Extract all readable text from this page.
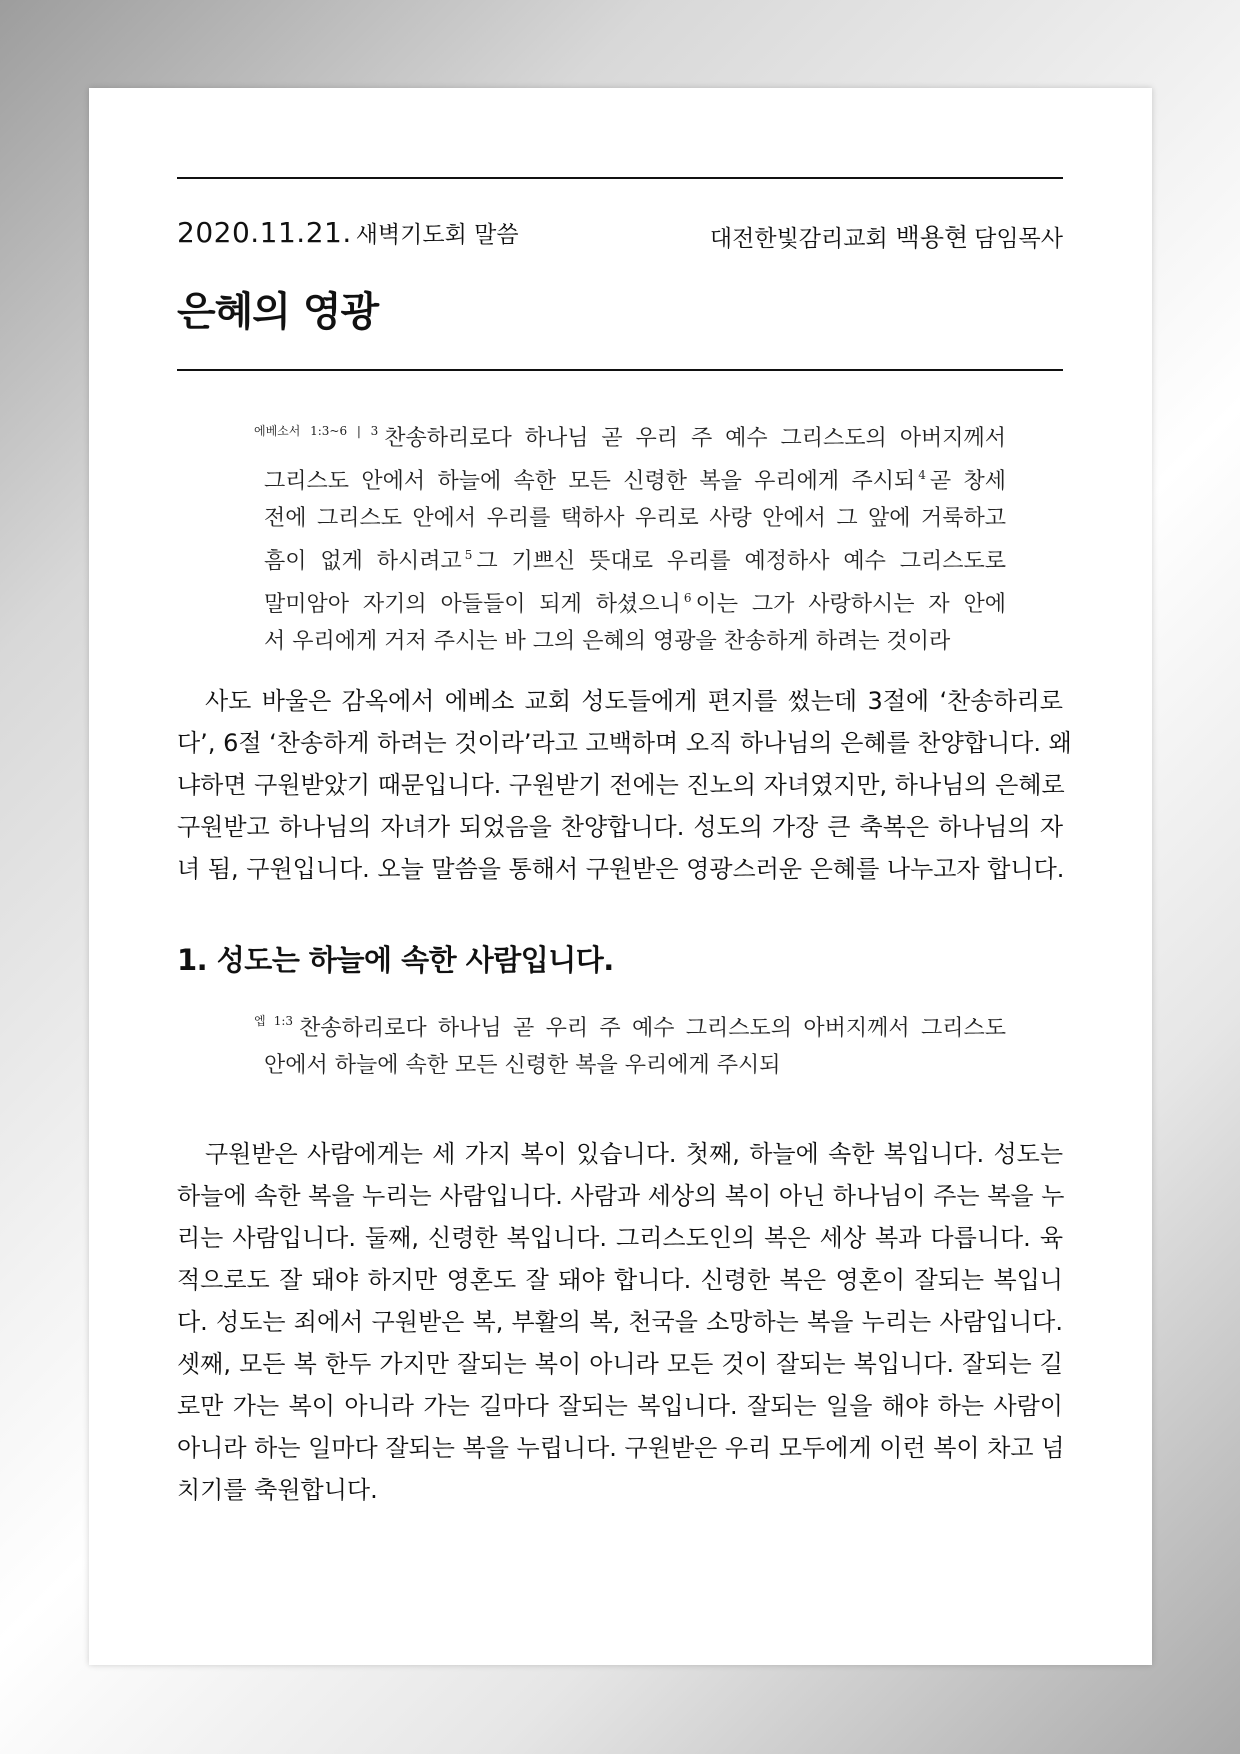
2020.11.21. 새벽기도회 말씀	대전한빛감리교회 백용현 담임목사
은혜의 영광
$^{에베소서 1:3\sim 6 | 3}$ 찬송하리로다 하나님 곧 우리 주 예수 그리스도의 아버지께서
그리스도 안에서 하늘에 속한 모든 신령한 복을 우리에게 주시되 $^4$ 곧 창세
전에 그리스도 안에서 우리를 택하사 우리로 사랑 안에서 그 앞에 거룩하고
흠이 없게 하시려고 $^5$ 그 기쁘신 뜻대로 우리를 예정하사 예수 그리스도로
말미암아 자기의 아들들이 되게 하셨으니 $^6$ 이는 그가 사랑하시는 자 안에
서 우리에게 거저 주시는 바 그의 은혜의 영광을 찬송하게 하려는 것이라
사도 바울은 감옥에서 에베소 교회 성도들에게 편지를 썼는데 3절에 ‘찬송하리로
다’, 6절 ‘찬송하게 하려는 것이라’라고 고백하며 오직 하나님의 은혜를 찬양합니다. 왜
냐하면 구원받았기 때문입니다. 구원받기 전에는 진노의 자녀였지만, 하나님의 은혜로
구원받고 하나님의 자녀가 되었음을 찬양합니다. 성도의 가장 큰 축복은 하나님의 자
녀 됨, 구원입니다. 오늘 말씀을 통해서 구원받은 영광스러운 은혜를 나누고자 합니다.
1. 성도는 하늘에 속한 사람입니다.
$^{엡 1:3}$ 찬송하리로다 하나님 곧 우리 주 예수 그리스도의 아버지께서 그리스도
안에서 하늘에 속한 모든 신령한 복을 우리에게 주시되
구원받은 사람에게는 세 가지 복이 있습니다. 첫째, 하늘에 속한 복입니다. 성도는
하늘에 속한 복을 누리는 사람입니다. 사람과 세상의 복이 아닌 하나님이 주는 복을 누
리는 사람입니다. 둘째, 신령한 복입니다. 그리스도인의 복은 세상 복과 다릅니다. 육
적으로도 잘 돼야 하지만 영혼도 잘 돼야 합니다. 신령한 복은 영혼이 잘되는 복입니
다. 성도는 죄에서 구원받은 복, 부활의 복, 천국을 소망하는 복을 누리는 사람입니다.
셋째, 모든 복 한두 가지만 잘되는 복이 아니라 모든 것이 잘되는 복입니다. 잘되는 길
로만 가는 복이 아니라 가는 길마다 잘되는 복입니다. 잘되는 일을 해야 하는 사람이
아니라 하는 일마다 잘되는 복을 누립니다. 구원받은 우리 모두에게 이런 복이 차고 넘
치기를 축원합니다.
